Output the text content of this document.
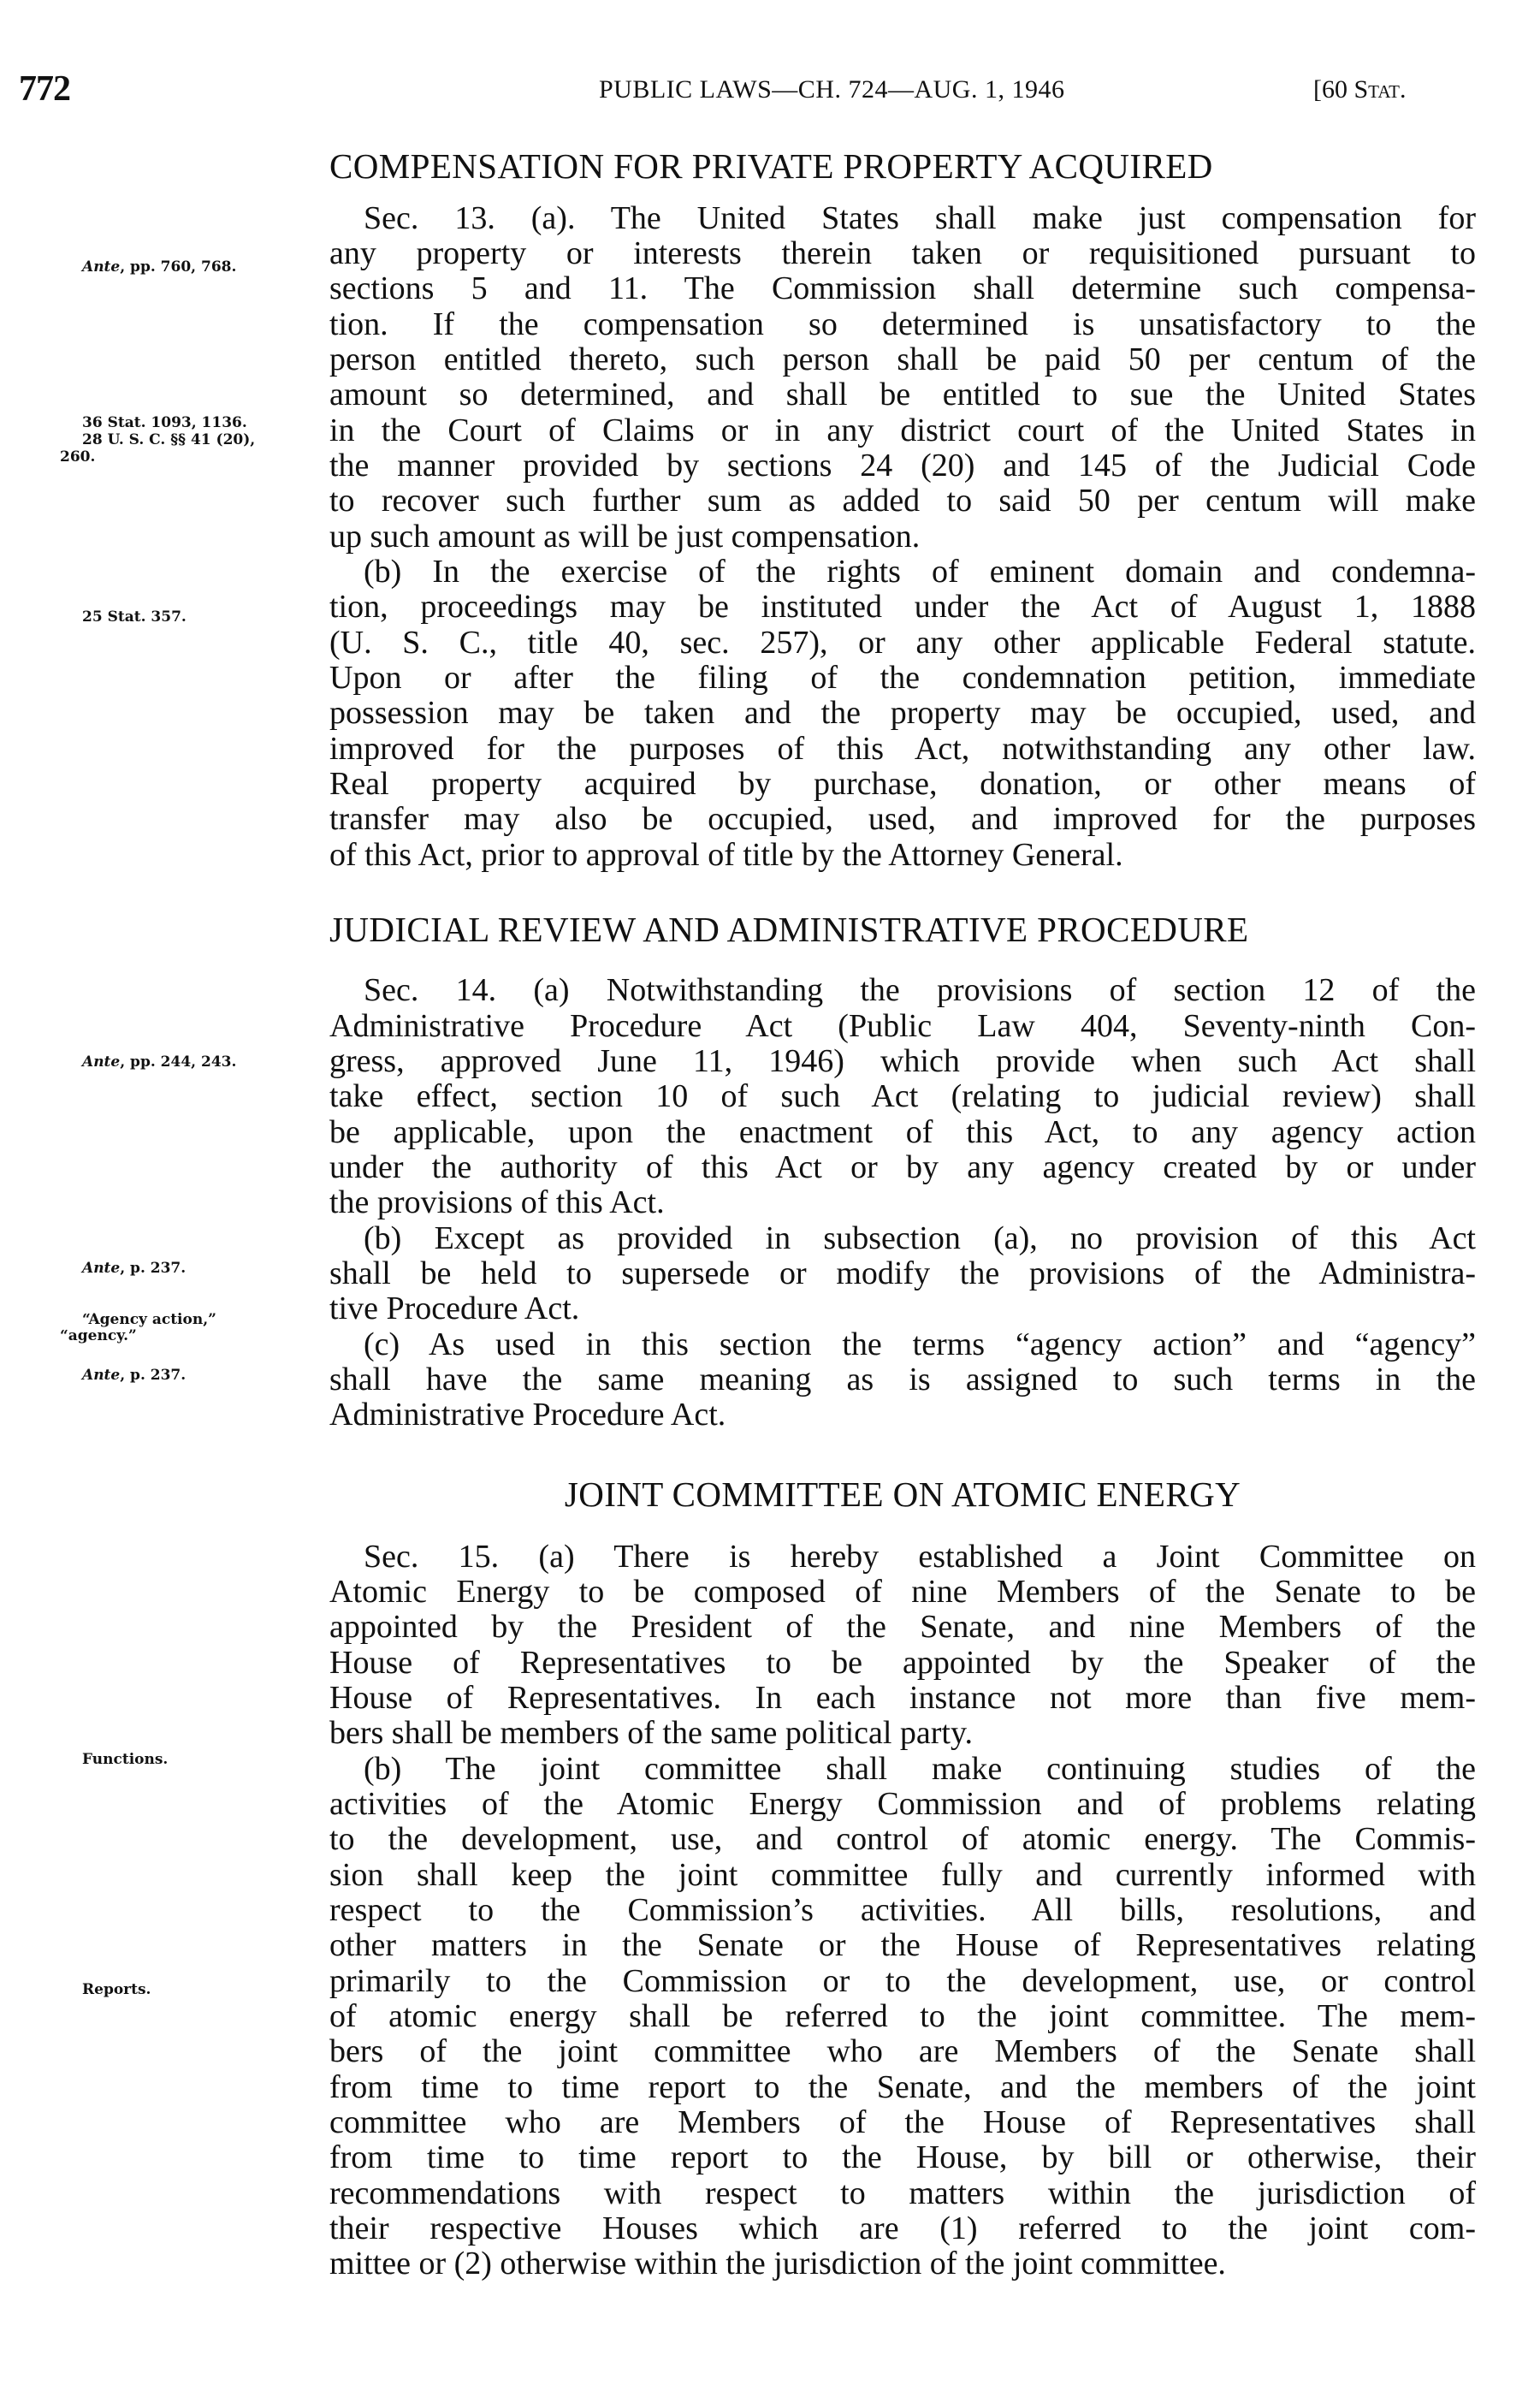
772	PUBLIC LAWS—CH. 724—AUG. 1, 1946	[60 Stat.
COMPENSATION FOR PRIVATE PROPERTY ACQUIRED
Sec. 13. (a). The United States shall make just compensation for
any property or interests therein taken or requisitioned pursuant to
sections 5 and 11. The Commission shall determine such compensa-
tion. If the compensation so determined is unsatisfactory to the
person entitled thereto, such person shall be paid 50 per centum of the
amount so determined, and shall be entitled to sue the United States
in the Court of Claims or in any district court of the United States in
the manner provided by sections 24 (20) and 145 of the Judicial Code
to recover such further sum as added to said 50 per centum will make
up such amount as will be just compensation.
(b) In the exercise of the rights of eminent domain and condemna-
tion, proceedings may be instituted under the Act of August 1, 1888
(U. S. C., title 40, sec. 257), or any other applicable Federal statute.
Upon or after the filing of the condemnation petition, immediate
possession may be taken and the property may be occupied, used, and
improved for the purposes of this Act, notwithstanding any other law.
Real property acquired by purchase, donation, or other means of
transfer may also be occupied, used, and improved for the purposes
of this Act, prior to approval of title by the Attorney General.
JUDICIAL REVIEW AND ADMINISTRATIVE PROCEDURE
Sec. 14. (a) Notwithstanding the provisions of section 12 of the
Administrative Procedure Act (Public Law 404, Seventy-ninth Con-
gress, approved June 11, 1946) which provide when such Act shall
take effect, section 10 of such Act (relating to judicial review) shall
be applicable, upon the enactment of this Act, to any agency action
under the authority of this Act or by any agency created by or under
the provisions of this Act.
(b) Except as provided in subsection (a), no provision of this Act
shall be held to supersede or modify the provisions of the Administra-
tive Procedure Act.
(c) As used in this section the terms “agency action” and “agency”
shall have the same meaning as is assigned to such terms in the
Administrative Procedure Act.
JOINT COMMITTEE ON ATOMIC ENERGY
Sec. 15. (a) There is hereby established a Joint Committee on
Atomic Energy to be composed of nine Members of the Senate to be
appointed by the President of the Senate, and nine Members of the
House of Representatives to be appointed by the Speaker of the
House of Representatives. In each instance not more than five mem-
bers shall be members of the same political party.
(b) The joint committee shall make continuing studies of the
activities of the Atomic Energy Commission and of problems relating
to the development, use, and control of atomic energy. The Commis-
sion shall keep the joint committee fully and currently informed with
respect to the Commission’s activities. All bills, resolutions, and
other matters in the Senate or the House of Representatives relating
primarily to the Commission or to the development, use, or control
of atomic energy shall be referred to the joint committee. The mem-
bers of the joint committee who are Members of the Senate shall
from time to time report to the Senate, and the members of the joint
committee who are Members of the House of Representatives shall
from time to time report to the House, by bill or otherwise, their
recommendations with respect to matters within the jurisdiction of
their respective Houses which are (1) referred to the joint com-
mittee or (2) otherwise within the jurisdiction of the joint committee.
Ante, pp. 760, 768.
36 Stat. 1093, 1136.
28 U. S. C. §§ 41 (20),
260.
25 Stat. 357.
Ante, pp. 244, 243.
Ante, p. 237.
“Agency action,”
“agency.”
Ante, p. 237.
Functions.
Reports.
